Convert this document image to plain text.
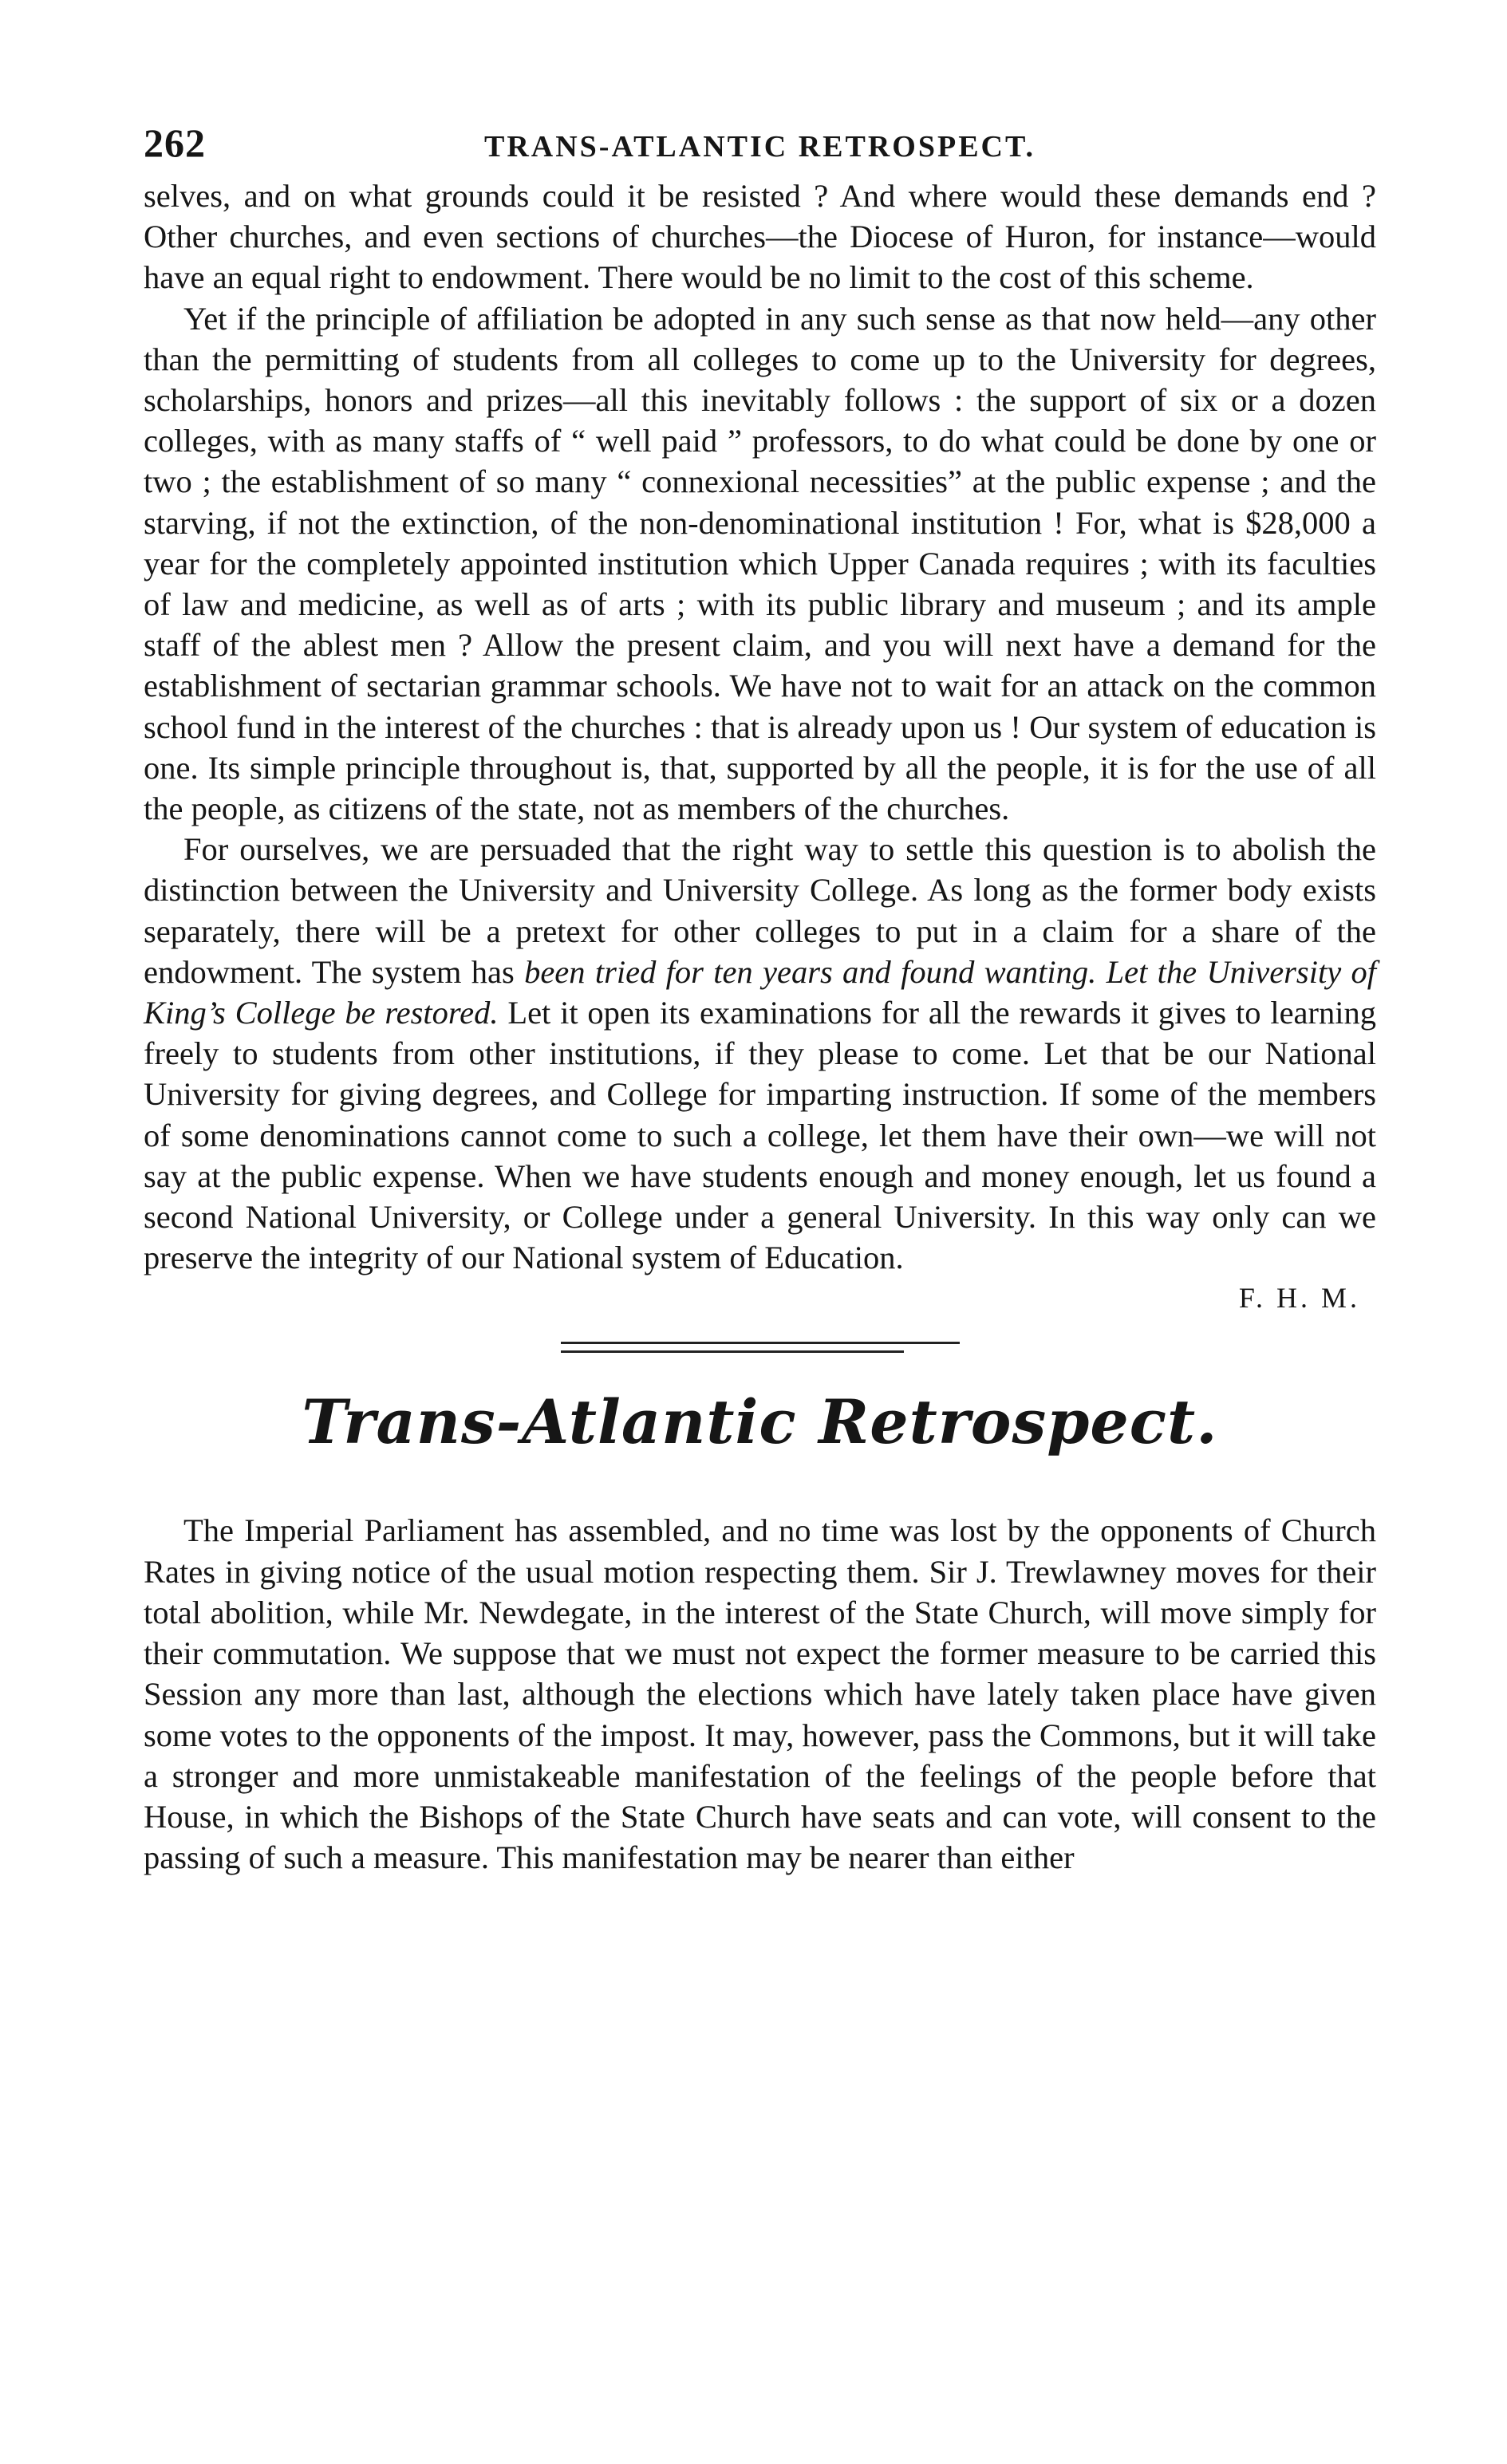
262	TRANS-ATLANTIC RETROSPECT.

selves, and on what grounds could it be resisted ? And where would these demands end ? Other churches, and even sections of churches—the Diocese of Huron, for instance—would have an equal right to endowment. There would be no limit to the cost of this scheme.

Yet if the principle of affiliation be adopted in any such sense as that now held—any other than the permitting of students from all colleges to come up to the University for degrees, scholarships, honors and prizes—all this inevitably follows : the support of six or a dozen colleges, with as many staffs of “ well paid ” professors, to do what could be done by one or two ; the establishment of so many “ connexional necessities” at the public expense ; and the starving, if not the extinction, of the non-denominational institution ! For, what is $28,000 a year for the completely appointed institution which Upper Canada requires ; with its faculties of law and medicine, as well as of arts ; with its public library and museum ; and its ample staff of the ablest men ? Allow the present claim, and you will next have a demand for the establishment of sectarian grammar schools. We have not to wait for an attack on the common school fund in the interest of the churches : that is already upon us ! Our system of education is one. Its simple principle throughout is, that, supported by all the people, it is for the use of all the people, as citizens of the state, not as members of the churches.

For ourselves, we are persuaded that the right way to settle this question is to abolish the distinction between the University and University College. As long as the former body exists separately, there will be a pretext for other colleges to put in a claim for a share of the endowment. The system has been tried for ten years and found wanting. Let the University of King’s College be restored. Let it open its examinations for all the rewards it gives to learning freely to students from other institutions, if they please to come. Let that be our National University for giving degrees, and College for imparting instruction. If some of the members of some denominations cannot come to such a college, let them have their own—we will not say at the public expense. When we have students enough and money enough, let us found a second National University, or College under a general University. In this way only can we preserve the integrity of our National system of Education.

F. H. M.
Trans-Atlantic Retrospect.

The Imperial Parliament has assembled, and no time was lost by the opponents of Church Rates in giving notice of the usual motion respecting them. Sir J. Trewlawney moves for their total abolition, while Mr. Newdegate, in the interest of the State Church, will move simply for their commutation. We suppose that we must not expect the former measure to be carried this Session any more than last, although the elections which have lately taken place have given some votes to the opponents of the impost. It may, however, pass the Commons, but it will take a stronger and more unmistakeable manifestation of the feelings of the people before that House, in which the Bishops of the State Church have seats and can vote, will consent to the passing of such a measure. This manifestation may be nearer than either
